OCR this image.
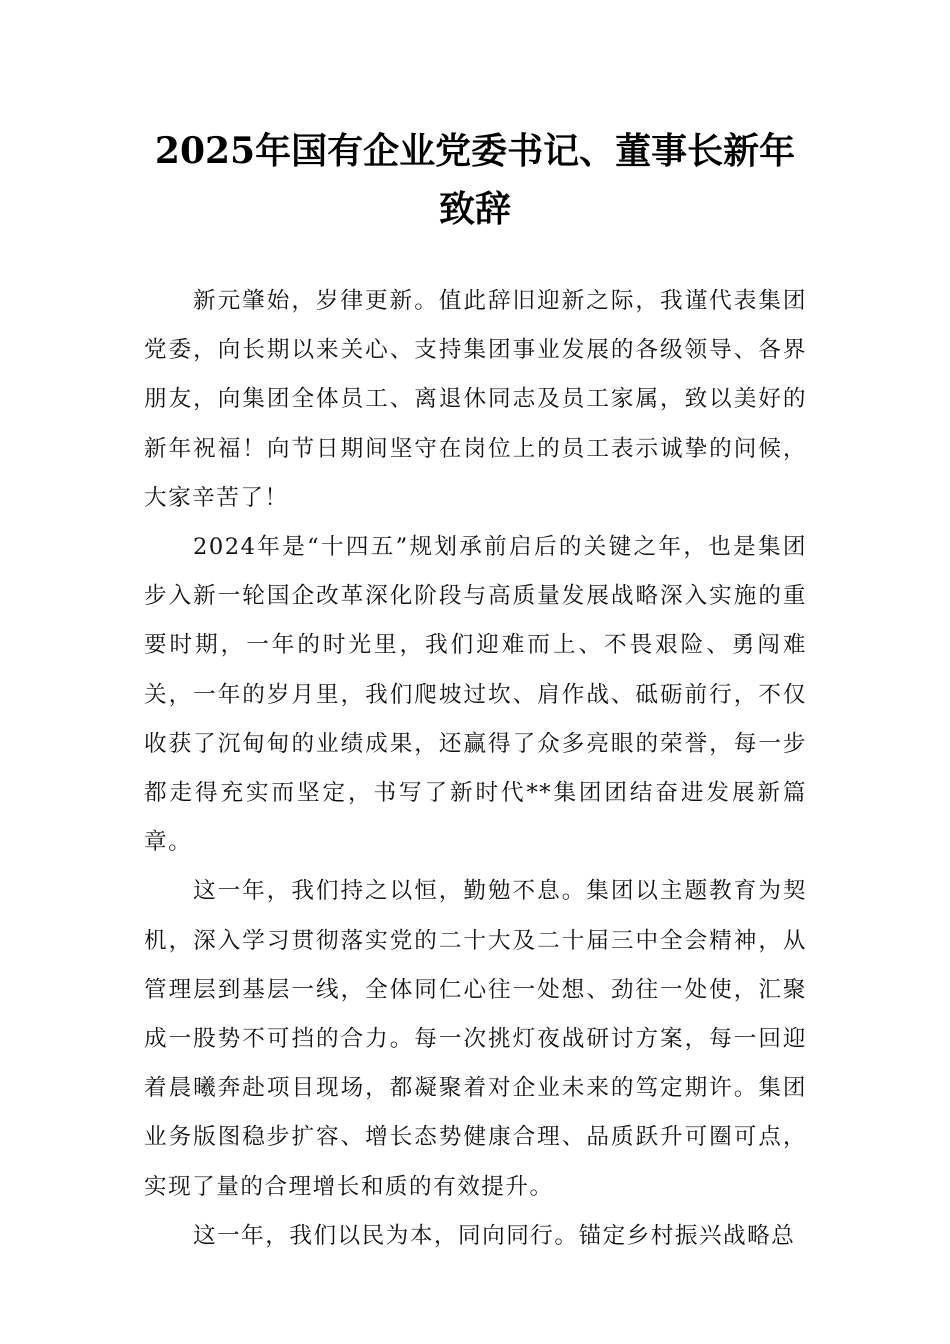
2025年国有企业党委书记、董事长新年致辞

新元肇始，岁律更新。值此辞旧迎新之际，我谨代表集团党委，向长期以来关心、支持集团事业发展的各级领导、各界朋友，向集团全体员工、离退休同志及员工家属，致以美好的新年祝福！向节日期间坚守在岗位上的员工表示诚挚的问候，大家辛苦了！

2024年是“十四五”规划承前启后的关键之年，也是集团步入新一轮国企改革深化阶段与高质量发展战略深入实施的重要时期，一年的时光里，我们迎难而上、不畏艰险、勇闯难关，一年的岁月里，我们爬坡过坎、肩作战、砥砺前行，不仅收获了沉甸甸的业绩成果，还赢得了众多亮眼的荣誉，每一步都走得充实而坚定，书写了新时代**集团团结奋进发展新篇章。

这一年，我们持之以恒，勤勉不息。集团以主题教育为契机，深入学习贯彻落实党的二十大及二十届三中全会精神，从管理层到基层一线，全体同仁心往一处想、劲往一处使，汇聚成一股势不可挡的合力。每一次挑灯夜战研讨方案，每一回迎着晨曦奔赴项目现场，都凝聚着对企业未来的笃定期许。集团业务版图稳步扩容、增长态势健康合理、品质跃升可圈可点，实现了量的合理增长和质的有效提升。

这一年，我们以民为本，同向同行。锚定乡村振兴战略总
